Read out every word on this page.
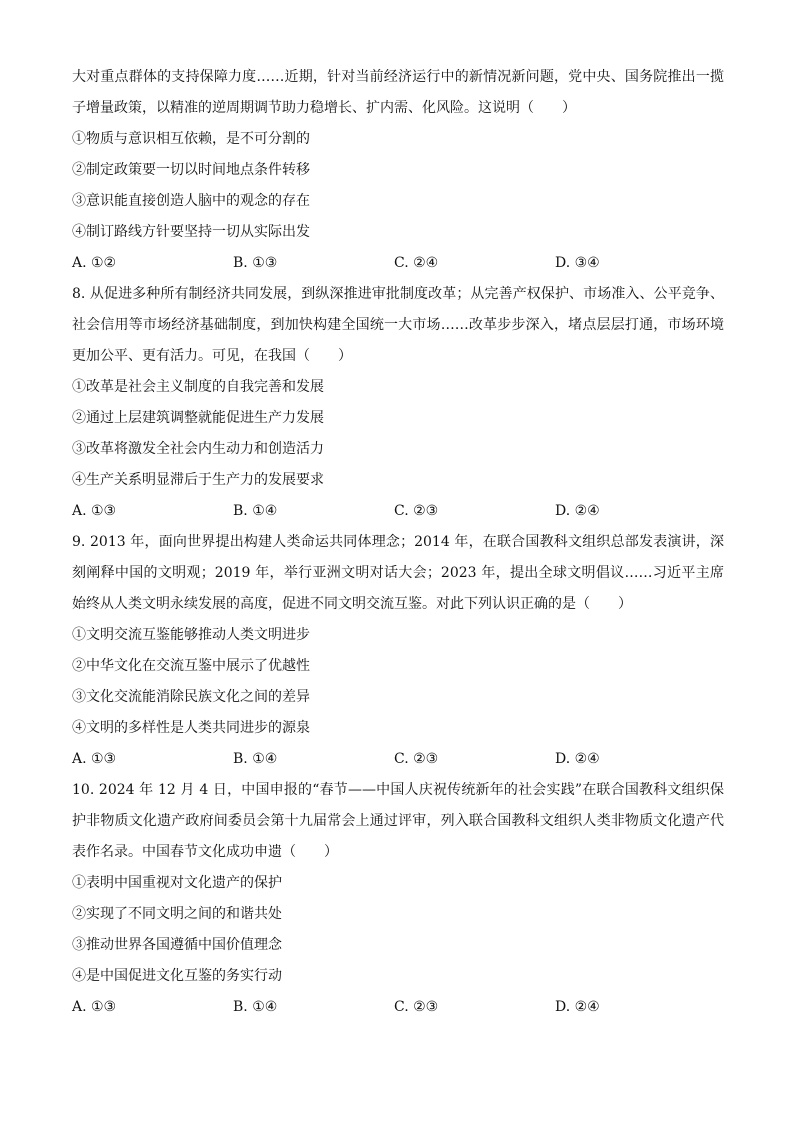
大对重点群体的支持保障力度……近期，针对当前经济运行中的新情况新问题，党中央、国务院推出一揽子增量政策，以精准的逆周期调节助力稳增长、扩内需、化风险。这说明（　　）

①物质与意识相互依赖，是不可分割的

②制定政策要一切以时间地点条件转移

③意识能直接创造人脑中的观念的存在

④制订路线方针要坚持一切从实际出发

A. ①②	B. ①③	C. ②④	D. ③④

8. 从促进多种所有制经济共同发展，到纵深推进审批制度改革；从完善产权保护、市场准入、公平竞争、社会信用等市场经济基础制度，到加快构建全国统一大市场……改革步步深入，堵点层层打通，市场环境更加公平、更有活力。可见，在我国（　　）

①改革是社会主义制度的自我完善和发展

②通过上层建筑调整就能促进生产力发展

③改革将激发全社会内生动力和创造活力

④生产关系明显滞后于生产力的发展要求

A. ①③	B. ①④	C. ②③	D. ②④

9. 2013 年，面向世界提出构建人类命运共同体理念；2014 年，在联合国教科文组织总部发表演讲，深刻阐释中国的文明观；2019 年，举行亚洲文明对话大会；2023 年，提出全球文明倡议……习近平主席始终从人类文明永续发展的高度，促进不同文明交流互鉴。对此下列认识正确的是（　　）

①文明交流互鉴能够推动人类文明进步

②中华文化在交流互鉴中展示了优越性

③文化交流能消除民族文化之间的差异

④文明的多样性是人类共同进步的源泉

A. ①③	B. ①④	C. ②③	D. ②④

10. 2024 年 12 月 4 日，中国申报的“春节——中国人庆祝传统新年的社会实践”在联合国教科文组织保护非物质文化遗产政府间委员会第十九届常会上通过评审，列入联合国教科文组织人类非物质文化遗产代表作名录。中国春节文化成功申遗（　　）

①表明中国重视对文化遗产的保护

②实现了不同文明之间的和谐共处

③推动世界各国遵循中国价值理念

④是中国促进文化互鉴的务实行动

A. ①③	B. ①④	C. ②③	D. ②④
